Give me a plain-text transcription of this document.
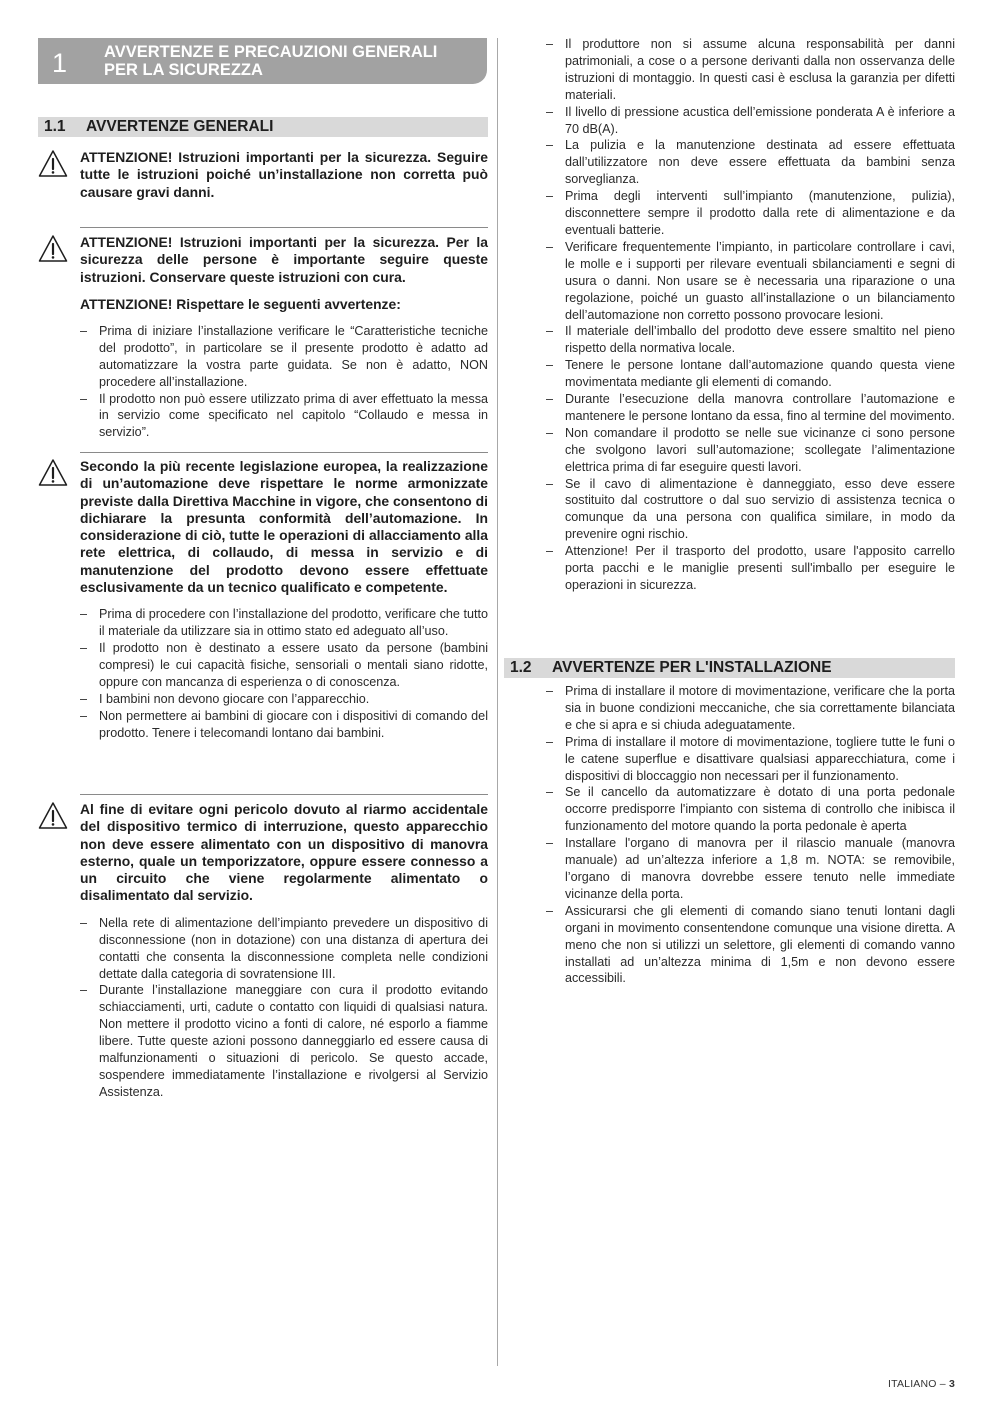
1 AVVERTENZE E PRECAUZIONI GENERALI
PER LA SICUREZZA
1.1 AVVERTENZE GENERALI
ATTENZIONE! Istruzioni importanti per la sicurezza. Seguire tutte le istruzioni poiché un’installazione non corretta può causare gravi danni.
ATTENZIONE! Istruzioni importanti per la sicurezza. Per la sicurezza delle persone è importante seguire queste istruzioni. Conservare queste istruzioni con cura.
ATTENZIONE! Rispettare le seguenti avvertenze:
– Prima di iniziare l’installazione verificare le “Caratteristiche tecniche del prodotto”, in particolare se il presente prodotto è adatto ad automatizzare la vostra parte guidata. Se non è adatto, NON procedere all’installazione.
– Il prodotto non può essere utilizzato prima di aver effettuato la messa in servizio come specificato nel capitolo “Collaudo e messa in servizio”.
Secondo la più recente legislazione europea, la realizzazione di un’automazione deve rispettare le norme armonizzate previste dalla Direttiva Macchine in vigore, che consentono di dichiarare la presunta conformità dell’automazione. In considerazione di ciò, tutte le operazioni di allacciamento alla rete elettrica, di collaudo, di messa in servizio e di manutenzione del prodotto devono essere effettuate esclusivamente da un tecnico qualificato e competente.
– Prima di procedere con l’installazione del prodotto, verificare che tutto il materiale da utilizzare sia in ottimo stato ed adeguato all’uso.
– Il prodotto non è destinato a essere usato da persone (bambini compresi) le cui capacità fisiche, sensoriali o mentali siano ridotte, oppure con mancanza di esperienza o di conoscenza.
– I bambini non devono giocare con l’apparecchio.
– Non permettere ai bambini di giocare con i dispositivi di comando del prodotto. Tenere i telecomandi lontano dai bambini.
Al fine di evitare ogni pericolo dovuto al riarmo accidentale del dispositivo termico di interruzione, questo apparecchio non deve essere alimentato con un dispositivo di manovra esterno, quale un temporizzatore, oppure essere connesso a un circuito che viene regolarmente alimentato o disalimentato dal servizio.
– Nella rete di alimentazione dell’impianto prevedere un dispositivo di disconnessione (non in dotazione) con una distanza di apertura dei contatti che consenta la disconnessione completa nelle condizioni dettate dalla categoria di sovratensione III.
– Durante l’installazione maneggiare con cura il prodotto evitando schiacciamenti, urti, cadute o contatto con liquidi di qualsiasi natura. Non mettere il prodotto vicino a fonti di calore, né esporlo a fiamme libere. Tutte queste azioni possono danneggiarlo ed essere causa di malfunzionamenti o situazioni di pericolo. Se questo accade, sospendere immediatamente l’installazione e rivolgersi al Servizio Assistenza.
– Il produttore non si assume alcuna responsabilità per danni patrimoniali, a cose o a persone derivanti dalla non osservanza delle istruzioni di montaggio. In questi casi è esclusa la garanzia per difetti materiali.
– Il livello di pressione acustica dell’emissione ponderata A è inferiore a 70 dB(A).
– La pulizia e la manutenzione destinata ad essere effettuata dall’utilizzatore non deve essere effettuata da bambini senza sorveglianza.
– Prima degli interventi sull’impianto (manutenzione, pulizia), disconnettere sempre il prodotto dalla rete di alimentazione e da eventuali batterie.
– Verificare frequentemente l’impianto, in particolare controllare i cavi, le molle e i supporti per rilevare eventuali sbilanciamenti e segni di usura o danni. Non usare se è necessaria una riparazione o una regolazione, poiché un guasto all’installazione o un bilanciamento dell’automazione non corretto possono provocare lesioni.
– Il materiale dell’imballo del prodotto deve essere smaltito nel pieno rispetto della normativa locale.
– Tenere le persone lontane dall’automazione quando questa viene movimentata mediante gli elementi di comando.
– Durante l’esecuzione della manovra controllare l’automazione e mantenere le persone lontano da essa, fino al termine del movimento.
– Non comandare il prodotto se nelle sue vicinanze ci sono persone che svolgono lavori sull’automazione; scollegate l’alimentazione elettrica prima di far eseguire questi lavori.
– Se il cavo di alimentazione è danneggiato, esso deve essere sostituito dal costruttore o dal suo servizio di assistenza tecnica o comunque da una persona con qualifica similare, in modo da prevenire ogni rischio.
– Attenzione! Per il trasporto del prodotto, usare l'apposito carrello porta pacchi e le maniglie presenti sull'imballo per eseguire le operazioni in sicurezza.
1.2 AVVERTENZE PER L'INSTALLAZIONE
– Prima di installare il motore di movimentazione, verificare che la porta sia in buone condizioni meccaniche, che sia correttamente bilanciata e che si apra e si chiuda adeguatamente.
– Prima di installare il motore di movimentazione, togliere tutte le funi o le catene superflue e disattivare qualsiasi apparecchiatura, come i dispositivi di bloccaggio non necessari per il funzionamento.
– Se il cancello da automatizzare è dotato di una porta pedonale occorre predisporre l'impianto con sistema di controllo che inibisca il funzionamento del motore quando la porta pedonale è aperta
– Installare l'organo di manovra per il rilascio manuale (manovra manuale) ad un’altezza inferiore a 1,8 m. NOTA: se removibile, l’organo di manovra dovrebbe essere tenuto nelle immediate vicinanze della porta.
– Assicurarsi che gli elementi di comando siano tenuti lontani dagli organi in movimento consentendone comunque una visione diretta. A meno che non si utilizzi un selettore, gli elementi di comando vanno installati ad un’altezza minima di 1,5m e non devono essere accessibili.
ITALIANO – 3
